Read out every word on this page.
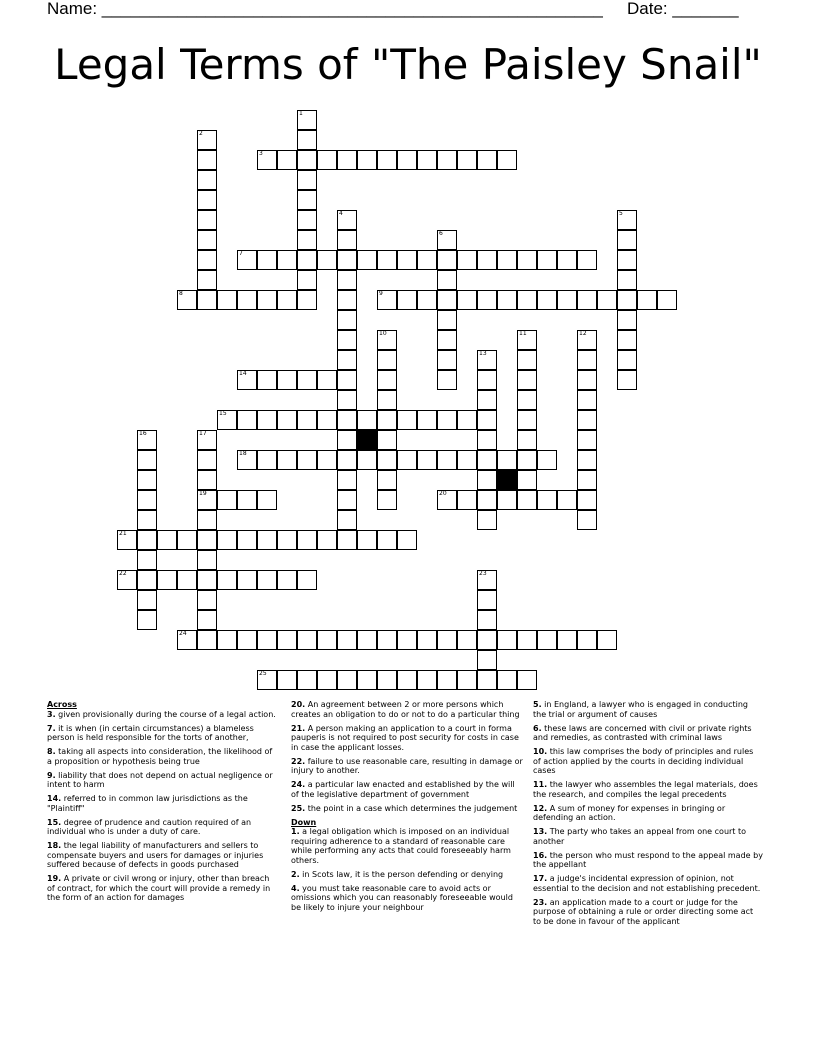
Name: _____________________________________________________ Date: _______
Legal Terms of "The Paisley Snail"
1
2
3
4	5
6
7
8	9
10	11	12
13
14
15
16	17
19
18
20
21
22	23
24
25

Across

3. given provisionally during the course of a legal action.

7. it is when (in certain circumstances) a blameless person is held responsible for the torts of another,

8. taking all aspects into consideration, the likelihood of a proposition or hypothesis being true

9. liability that does not depend on actual negligence or intent to harm

14. referred to in common law jurisdictions as the "Plaintiff"

15. degree of prudence and caution required of an individual who is under a duty of care.

18. the legal liability of manufacturers and sellers to compensate buyers and users for damages or injuries suffered because of defects in goods purchased

19. A private or civil wrong or injury, other than breach of contract, for which the court will provide a remedy in the form of an action for damages

20. An agreement between 2 or more persons which creates an obligation to do or not to do a particular thing

21. A person making an application to a court in forma pauperis is not required to post security for costs in case in case the applicant losses.

22. failure to use reasonable care, resulting in damage or injury to another.

24. a particular law enacted and established by the will of the legislative department of government

25. the point in a case which determines the judgement

Down

1. a legal obligation which is imposed on an individual requiring adherence to a standard of reasonable care while performing any acts that could foreseeably harm others.

2. in Scots law, it is the person defending or denying

4. you must take reasonable care to avoid acts or omissions which you can reasonably foreseeable would be likely to injure your neighbour

5. in England, a lawyer who is engaged in conducting the trial or argument of causes

6. these laws are concerned with civil or private rights and remedies, as contrasted with criminal laws

10. this law comprises the body of principles and rules of action applied by the courts in deciding individual cases

11. the lawyer who assembles the legal materials, does the research, and compiles the legal precedents

12. A sum of money for expenses in bringing or defending an action.

13. The party who takes an appeal from one court to another

16. the person who must respond to the appeal made by the appellant

17. a judge's incidental expression of opinion, not essential to the decision and not establishing precedent.

23. an application made to a court or judge for the purpose of obtaining a rule or order directing some act to be done in favour of the applicant
